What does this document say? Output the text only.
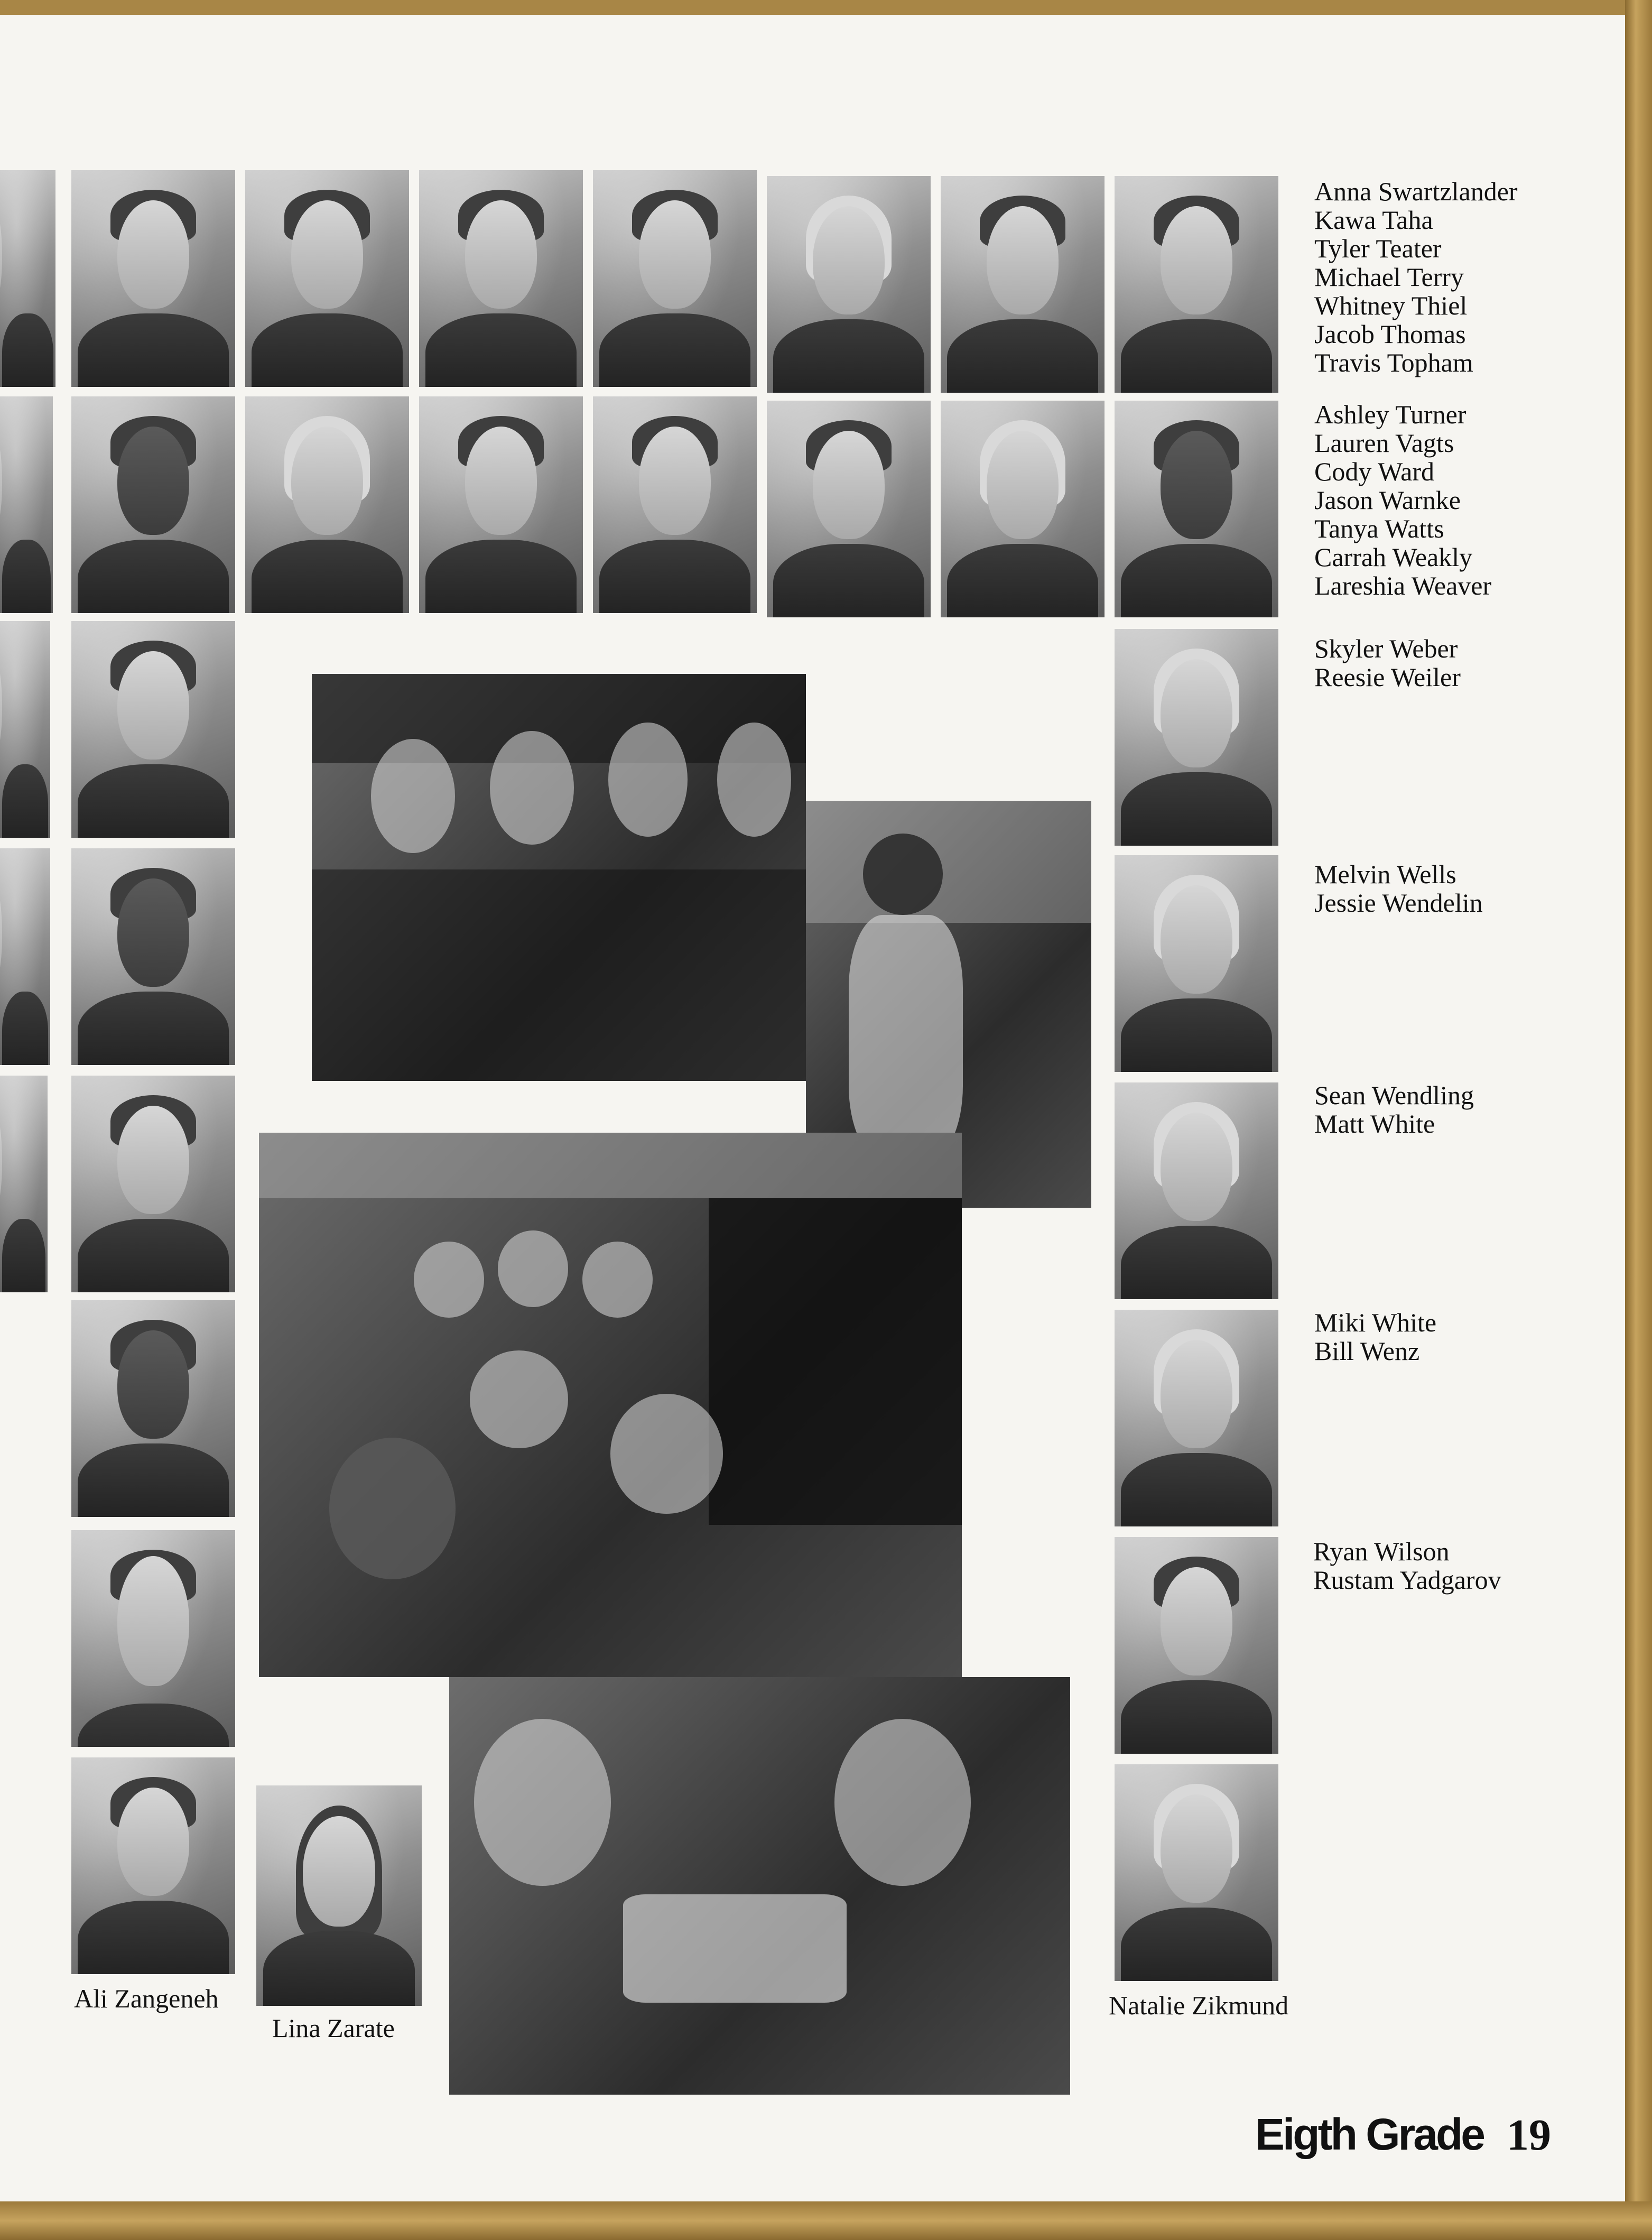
Anna Swartzlander
Kawa Taha
Tyler Teater
Michael Terry
Whitney Thiel
Jacob Thomas
Travis Topham
Ashley Turner
Lauren Vagts
Cody Ward
Jason Warnke
Tanya Watts
Carrah Weakly
Lareshia Weaver
Skyler Weber
Reesie Weiler
Melvin Wells
Jessie Wendelin
Sean Wendling
Matt White
Miki White
Bill Wenz
Ryan Wilson
Rustam Yadgarov
Ali Zangeneh
Lina Zarate
Natalie Zikmund
Eigth Grade 19
